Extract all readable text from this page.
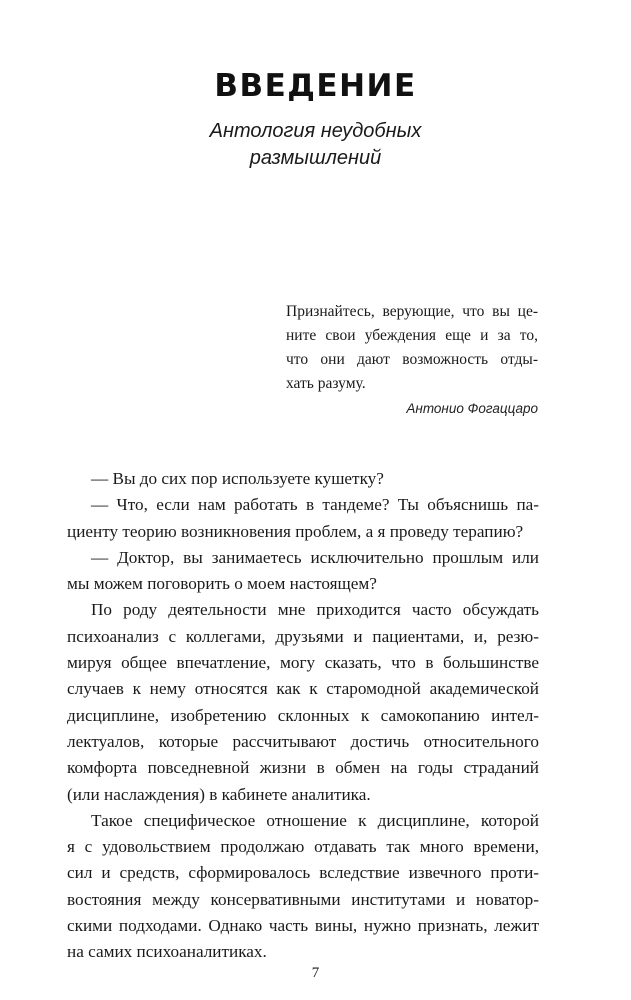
ВВЕДЕНИЕ
Антология неудобных
размышлений
Признайтесь, верующие, что вы це-
ните свои убеждения еще и за то,
что они дают возможность отды-
хать разуму.
Антонио Фогаццаро
— Вы до сих пор используете кушетку?
— Что, если нам работать в тандеме? Ты объяснишь па-
циенту теорию возникновения проблем, а я проведу терапию?
— Доктор, вы занимаетесь исключительно прошлым или
мы можем поговорить о моем настоящем?
По роду деятельности мне приходится часто обсуждать
психоанализ с коллегами, друзьями и пациентами, и, резю-
мируя общее впечатление, могу сказать, что в большинстве
случаев к нему относятся как к старомодной академической
дисциплине, изобретению склонных к самокопанию интел-
лектуалов, которые рассчитывают достичь относительного
комфорта повседневной жизни в обмен на годы страданий
(или наслаждения) в кабинете аналитика.
Такое специфическое отношение к дисциплине, которой
я с удовольствием продолжаю отдавать так много времени,
сил и средств, сформировалось вследствие извечного проти-
востояния между консервативными институтами и новатор-
скими подходами. Однако часть вины, нужно признать, лежит
на самих психоаналитиках.
7
